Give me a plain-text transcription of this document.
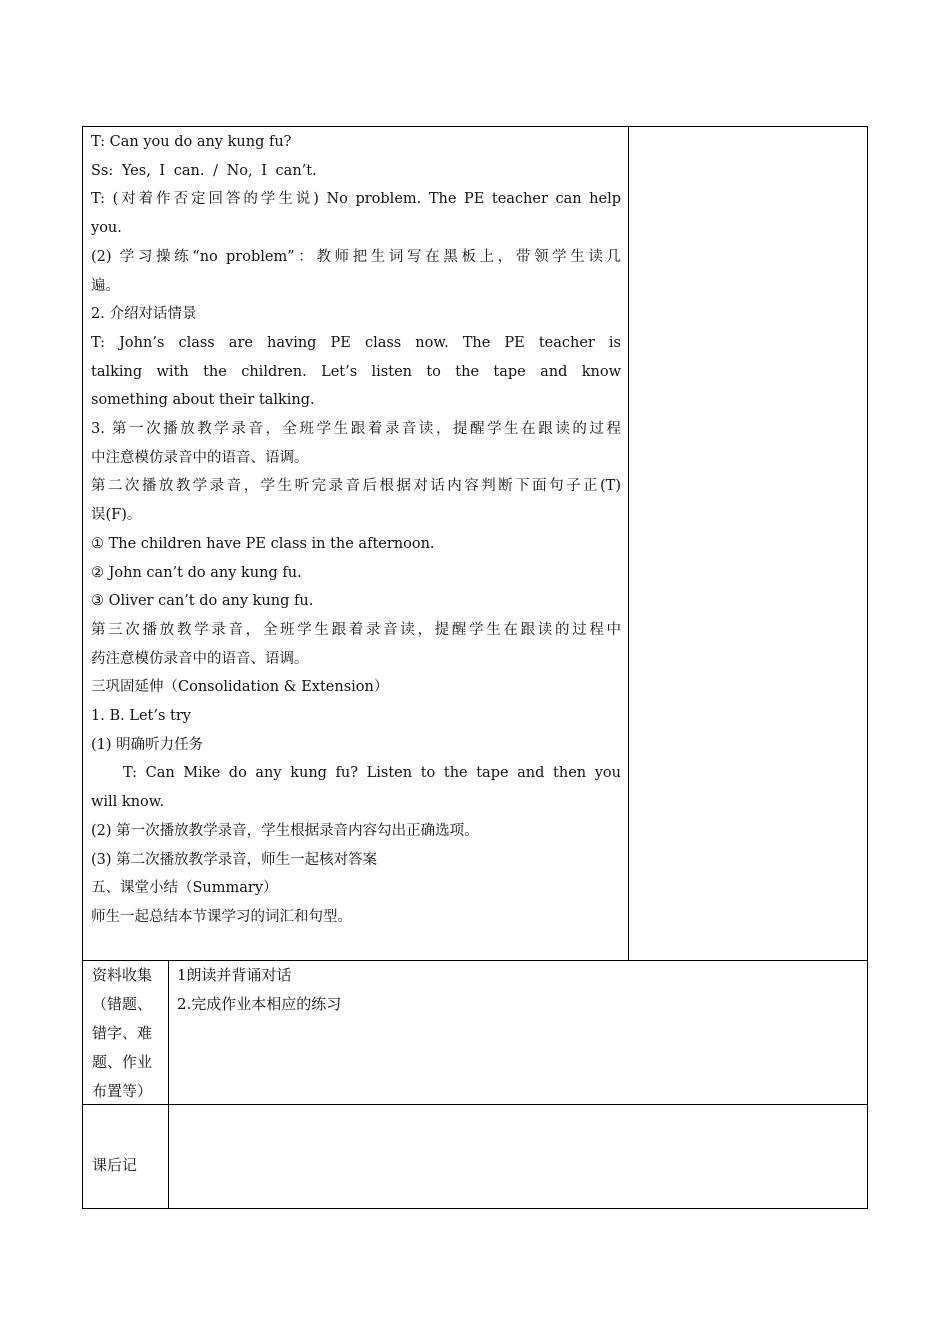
T: Can you do any kung fu?
Ss: Yes, I can. / No, I can’t.
T: (对着作否定回答的学生说) No problem. The PE teacher can help
you.
(2) 学习操练“no problem”：教师把生词写在黑板上，带领学生读几
遍。
2. 介绍对话情景
T: John’s class are having PE class now. The PE teacher is
talking with the children. Let’s listen to the tape and know
something about their talking.
3. 第一次播放教学录音，全班学生跟着录音读，提醒学生在跟读的过程
中注意模仿录音中的语音、语调。
第二次播放教学录音，学生听完录音后根据对话内容判断下面句子正(T)
误(F)。
① The children have PE class in the afternoon.
② John can’t do any kung fu.
③ Oliver can’t do any kung fu.
第三次播放教学录音，全班学生跟着录音读，提醒学生在跟读的过程中
药注意模仿录音中的语音、语调。
三巩固延伸（Consolidation & Extension）
1. B. Let’s try
(1) 明确听力任务
T: Can Mike do any kung fu? Listen to the tape and then you
will know.
(2) 第一次播放教学录音，学生根据录音内容勾出正确选项。
(3) 第二次播放教学录音，师生一起核对答案
五、课堂小结（Summary）
师生一起总结本节课学习的词汇和句型。
资料收集
（错题、
错字、难
题、作业
布置等）
1朗读并背诵对话
2.完成作业本相应的练习
课后记
